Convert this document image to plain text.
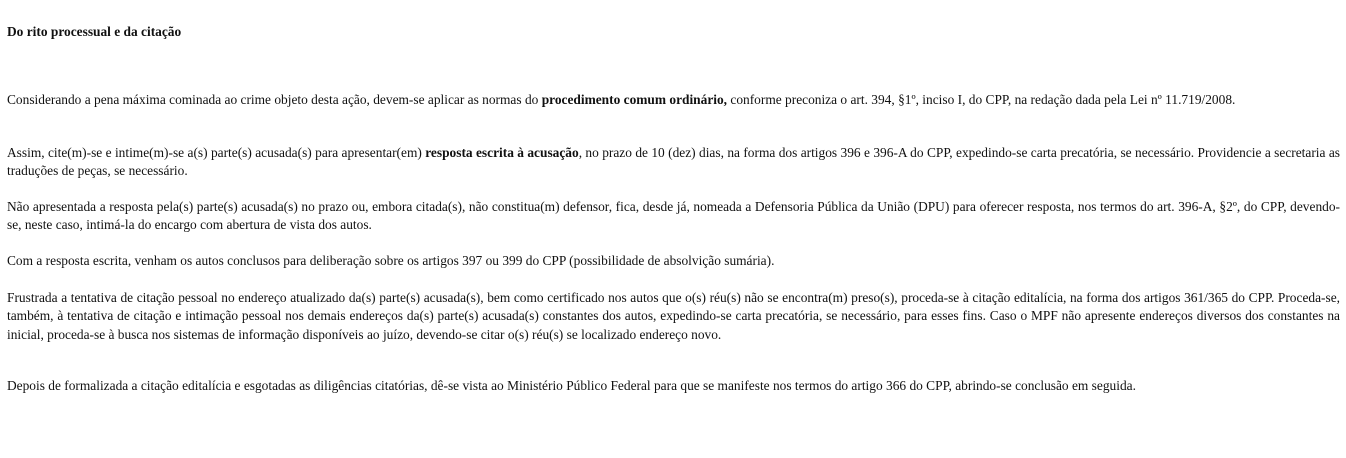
Do rito processual e da citação

Considerando a pena máxima cominada ao crime objeto desta ação, devem-se aplicar as normas do procedimento comum ordinário, conforme preconiza o art. 394, §1º, inciso I, do CPP, na redação dada pela Lei nº 11.719/2008.

Assim, cite(m)-se e intime(m)-se a(s) parte(s) acusada(s) para apresentar(em) resposta escrita à acusação, no prazo de 10 (dez) dias, na forma dos artigos 396 e 396-A do CPP, expedindo-se carta precatória, se necessário. Providencie a secretaria as traduções de peças, se necessário.

Não apresentada a resposta pela(s) parte(s) acusada(s) no prazo ou, embora citada(s), não constitua(m) defensor, fica, desde já, nomeada a Defensoria Pública da União (DPU) para oferecer resposta, nos termos do art. 396-A, §2º, do CPP, devendo-se, neste caso, intimá-la do encargo com abertura de vista dos autos.

Com a resposta escrita, venham os autos conclusos para deliberação sobre os artigos 397 ou 399 do CPP (possibilidade de absolvição sumária).

Frustrada a tentativa de citação pessoal no endereço atualizado da(s) parte(s) acusada(s), bem como certificado nos autos que o(s) réu(s) não se encontra(m) preso(s), proceda-se à citação editalícia, na forma dos artigos 361/365 do CPP. Proceda-se, também, à tentativa de citação e intimação pessoal nos demais endereços da(s) parte(s) acusada(s) constantes dos autos, expedindo-se carta precatória, se necessário, para esses fins. Caso o MPF não apresente endereços diversos dos constantes na inicial, proceda-se à busca nos sistemas de informação disponíveis ao juízo, devendo-se citar o(s) réu(s) se localizado endereço novo.

Depois de formalizada a citação editalícia e esgotadas as diligências citatórias, dê-se vista ao Ministério Público Federal para que se manifeste nos termos do artigo 366 do CPP, abrindo-se conclusão em seguida.
